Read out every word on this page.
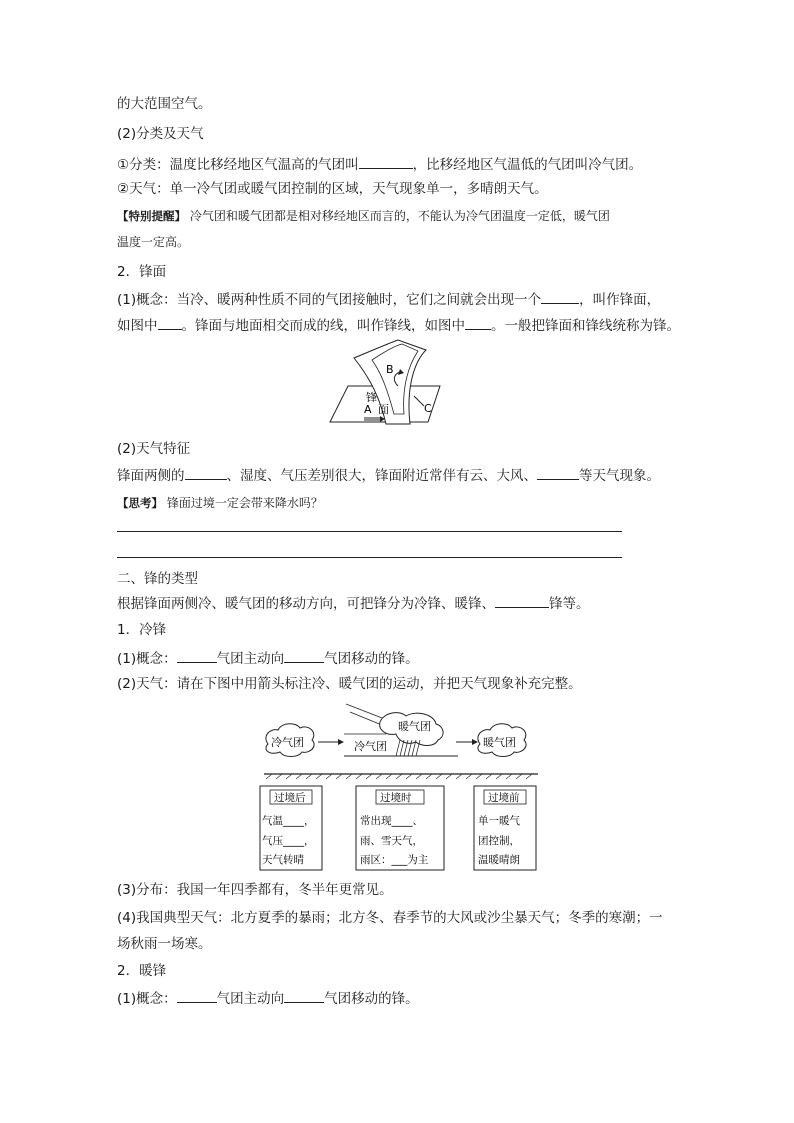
的大范围空气。
(2)分类及天气
①分类：温度比移经地区气温高的气团叫	，比移经地区气温低的气团叫冷气团。
②天气：单一冷气团或暖气团控制的区域，天气现象单一，多晴朗天气。
【特别提醒】 冷气团和暖气团都是相对移经地区而言的，不能认为冷气团温度一定低，暖气团
温度一定高。
2．锋面
(1)概念：当冷、暖两种性质不同的气团接触时，它们之间就会出现一个	，叫作锋面，
如图中 。锋面与地面相交而成的线，叫作锋线，如图中 。一般把锋面和锋线统称为锋。
B
锋
A 面	C
(2)天气特征
锋面两侧的	、湿度、气压差别很大，锋面附近常伴有云、大风、	等天气现象。
【思考】 锋面过境一定会带来降水吗？
二、锋的类型
根据锋面两侧冷、暖气团的移动方向，可把锋分为冷锋、暖锋、	锋等。
1．冷锋
(1)概念：	气团主动向	气团移动的锋。
(2)天气：请在下图中用箭头标注冷、暖气团的运动，并把天气现象补充完整。
冷气团
暖气团
冷气团	暖气团
过境后
气温____，
气压____，
天气转晴
过境时
常出现____、
雨、雪天气，
雨区：___为主
过境前
单一暖气
团控制，
温暖晴朗
(3)分布：我国一年四季都有，冬半年更常见。
(4)我国典型天气：北方夏季的暴雨；北方冬、春季节的大风或沙尘暴天气；冬季的寒潮；一
场秋雨一场寒。
2．暖锋
(1)概念：	气团主动向	气团移动的锋。
